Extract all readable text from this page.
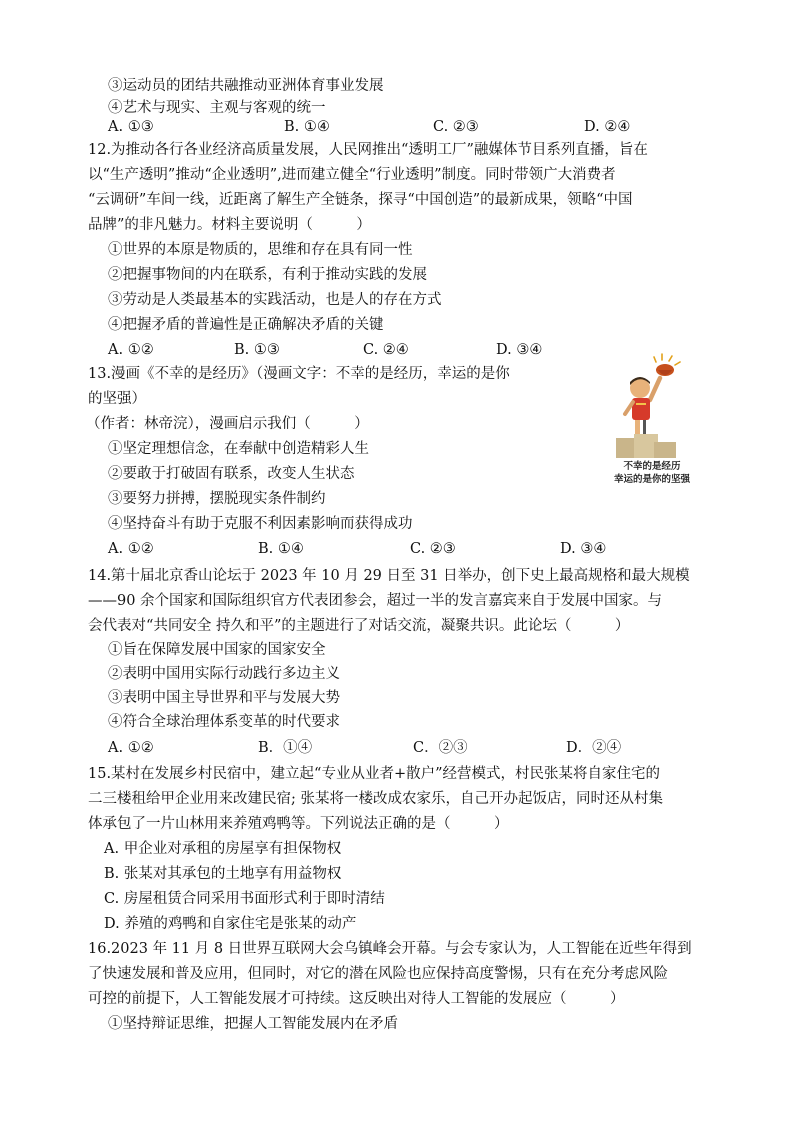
③运动员的团结共融推动亚洲体育事业发展
④艺术与现实、主观与客观的统一
A. ①③	B. ①④	C. ②③	D. ②④
12.为推动各行各业经济高质量发展，人民网推出“透明工厂”融媒体节目系列直播，旨在
以“生产透明”推动“企业透明”,进而建立健全“行业透明”制度。同时带领广大消费者
“云调研”车间一线，近距离了解生产全链条，探寻“中国创造”的最新成果，领略“中国
品牌”的非凡魅力。材料主要说明（　　　）
①世界的本原是物质的，思维和存在具有同一性
②把握事物间的内在联系，有利于推动实践的发展
③劳动是人类最基本的实践活动，也是人的存在方式
④把握矛盾的普遍性是正确解决矛盾的关键
A. ①②	B. ①③	C. ②④	D. ③④
13.漫画《不幸的是经历》（漫画文字：不幸的是经历，幸运的是你
的坚强）
（作者：林帝浣），漫画启示我们（　　　）
①坚定理想信念，在奉献中创造精彩人生
②要敢于打破固有联系，改变人生状态
③要努力拼搏，摆脱现实条件制约
④坚持奋斗有助于克服不利因素影响而获得成功
A. ①②	B. ①④	C. ②③	D. ③④
不幸的是经历
幸运的是你的坚强
14.第十届北京香山论坛于 2023 年 10 月 29 日至 31 日举办，创下史上最高规格和最大规模
——90 余个国家和国际组织官方代表团参会，超过一半的发言嘉宾来自于发展中国家。与
会代表对“共同安全 持久和平”的主题进行了对话交流，凝聚共识。此论坛（　　　）
①旨在保障发展中国家的国家安全
②表明中国用实际行动践行多边主义
③表明中国主导世界和平与发展大势
④符合全球治理体系变革的时代要求
A. ①②	B．①④	C．②③	D．②④
15.某村在发展乡村民宿中，建立起“专业从业者+散户”经营模式，村民张某将自家住宅的
二三楼租给甲企业用来改建民宿; 张某将一楼改成农家乐，自己开办起饭店，同时还从村集
体承包了一片山林用来养殖鸡鸭等。下列说法正确的是（　　　）
A. 甲企业对承租的房屋享有担保物权
B. 张某对其承包的土地享有用益物权
C. 房屋租赁合同采用书面形式利于即时清结
D. 养殖的鸡鸭和自家住宅是张某的动产
16.2023 年 11 月 8 日世界互联网大会乌镇峰会开幕。与会专家认为，人工智能在近些年得到
了快速发展和普及应用，但同时，对它的潜在风险也应保持高度警惕，只有在充分考虑风险
可控的前提下，人工智能发展才可持续。这反映出对待人工智能的发展应（　　　）
①坚持辩证思维，把握人工智能发展内在矛盾
